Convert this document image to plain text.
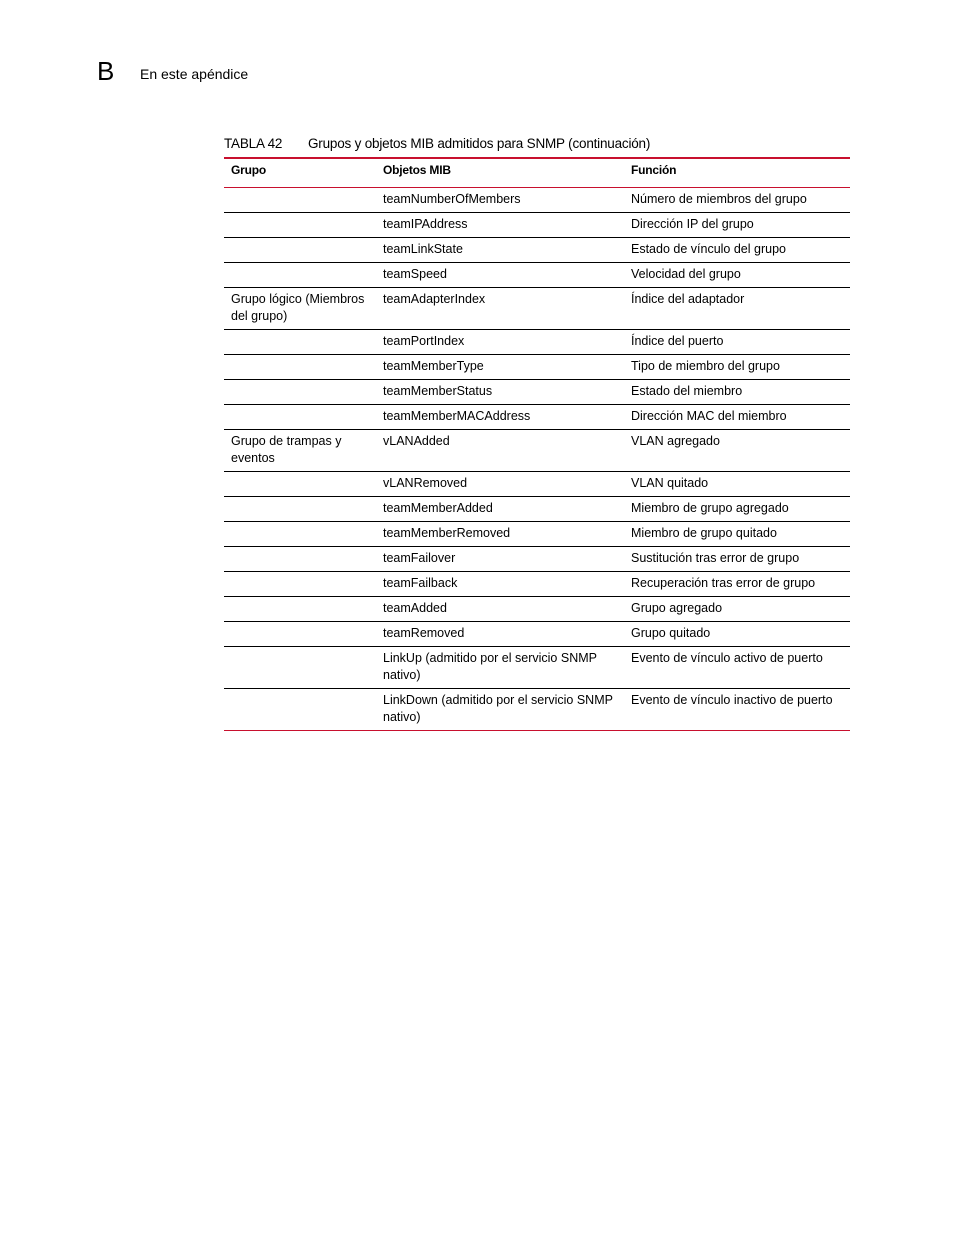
B En este apéndice
TABLA 42 Grupos y objetos MIB admitidos para SNMP (continuación)
Grupo	Objetos MIB	Función
	teamNumberOfMembers	Número de miembros del grupo
	teamIPAddress	Dirección IP del grupo
	teamLinkState	Estado de vínculo del grupo
	teamSpeed	Velocidad del grupo
Grupo lógico (Miembros del grupo)	teamAdapterIndex	Índice del adaptador
	teamPortIndex	Índice del puerto
	teamMemberType	Tipo de miembro del grupo
	teamMemberStatus	Estado del miembro
	teamMemberMACAddress	Dirección MAC del miembro
Grupo de trampas y eventos	vLANAdded	VLAN agregado
	vLANRemoved	VLAN quitado
	teamMemberAdded	Miembro de grupo agregado
	teamMemberRemoved	Miembro de grupo quitado
	teamFailover	Sustitución tras error de grupo
	teamFailback	Recuperación tras error de grupo
	teamAdded	Grupo agregado
	teamRemoved	Grupo quitado
	LinkUp (admitido por el servicio SNMP nativo)	Evento de vínculo activo de puerto
	LinkDown (admitido por el servicio SNMP nativo)	Evento de vínculo inactivo de puerto
